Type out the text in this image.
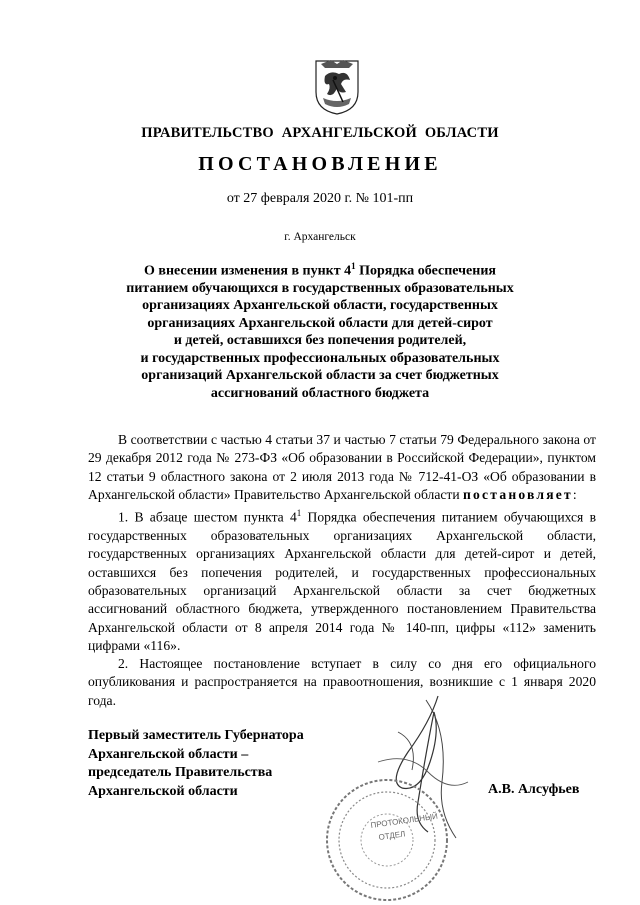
ПРАВИТЕЛЬСТВО АРХАНГЕЛЬСКОЙ ОБЛАСТИ
ПОСТАНОВЛЕНИЕ
от 27 февраля 2020 г. № 101-пп
г. Архангельск
О внесении изменения в пункт $4^1$ Порядка обеспечения
питанием обучающихся в государственных образовательных
организациях Архангельской области, государственных
организациях Архангельской области для детей-сирот
и детей, оставшихся без попечения родителей,
и государственных профессиональных образовательных
организаций Архангельской области за счет бюджетных
ассигнований областного бюджета

В соответствии с частью 4 статьи 37 и частью 7 статьи 79 Федерального закона от 29 декабря 2012 года № 273-ФЗ «Об образовании в Российской Федерации», пунктом 12 статьи 9 областного закона от 2 июля 2013 года № 712-41-ОЗ «Об образовании в Архангельской области» Правительство Архангельской области постановляет:

1. В абзаце шестом пункта $4^1$ Порядка обеспечения питанием обучающихся в государственных образовательных организациях Архангельской области, государственных организациях Архангельской области для детей-сирот и детей, оставшихся без попечения родителей, и государственных профессиональных образовательных организаций Архангельской области за счет бюджетных ассигнований областного бюджета, утвержденного постановлением Правительства Архангельской области от 8 апреля 2014 года № 140-пп, цифры «112» заменить цифрами «116».

2. Настоящее постановление вступает в силу со дня его официального опубликования и распространяется на правоотношения, возникшие с 1 января 2020 года.

Первый заместитель Губернатора
Архангельской области –
председатель Правительства
Архангельской области	А.В. Алсуфьев
ПРОТОКОЛЬНЫЙ
ОТДЕЛ
